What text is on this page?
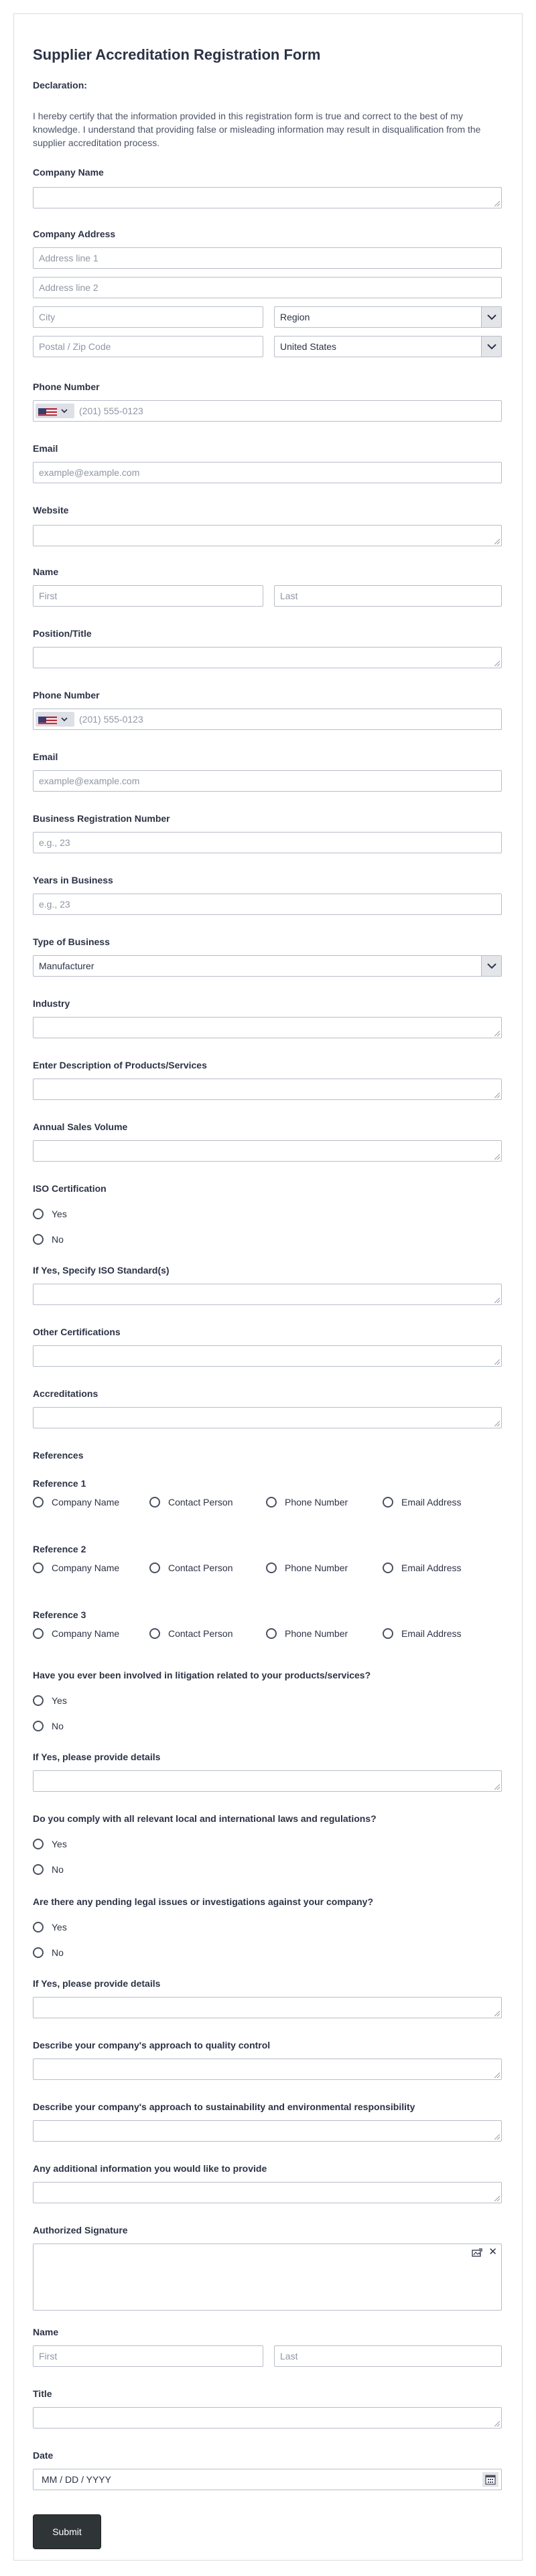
Supplier Accreditation Registration Form
Declaration:
I hereby certify that the information provided in this registration form is true and correct to the best of my knowledge. I understand that providing false or misleading information may result in disqualification from the supplier accreditation process.
Company Name
Company Address
Address line 1
Address line 2
City	Region
Postal / Zip Code	United States
Phone Number
(201) 555-0123
Email
example@example.com
Website
Name
First	Last
Position/Title
Phone Number
(201) 555-0123
Email
example@example.com
Business Registration Number
e.g., 23
Years in Business
e.g., 23
Type of Business
Manufacturer
Industry
Enter Description of Products/Services
Annual Sales Volume
ISO Certification
Yes
No
If Yes, Specify ISO Standard(s)
Other Certifications
Accreditations
References
Reference 1
Company Name	Contact Person	Phone Number	Email Address
Reference 2
Company Name	Contact Person	Phone Number	Email Address
Reference 3
Company Name	Contact Person	Phone Number	Email Address
Have you ever been involved in litigation related to your products/services?
Yes
No
If Yes, please provide details
Do you comply with all relevant local and international laws and regulations?
Yes
No
Are there any pending legal issues or investigations against your company?
Yes
No
If Yes, please provide details
Describe your company's approach to quality control
Describe your company's approach to sustainability and environmental responsibility
Any additional information you would like to provide
Authorized Signature
✕
Name
First	Last
Title
Date
MM / DD / YYYY
Submit
